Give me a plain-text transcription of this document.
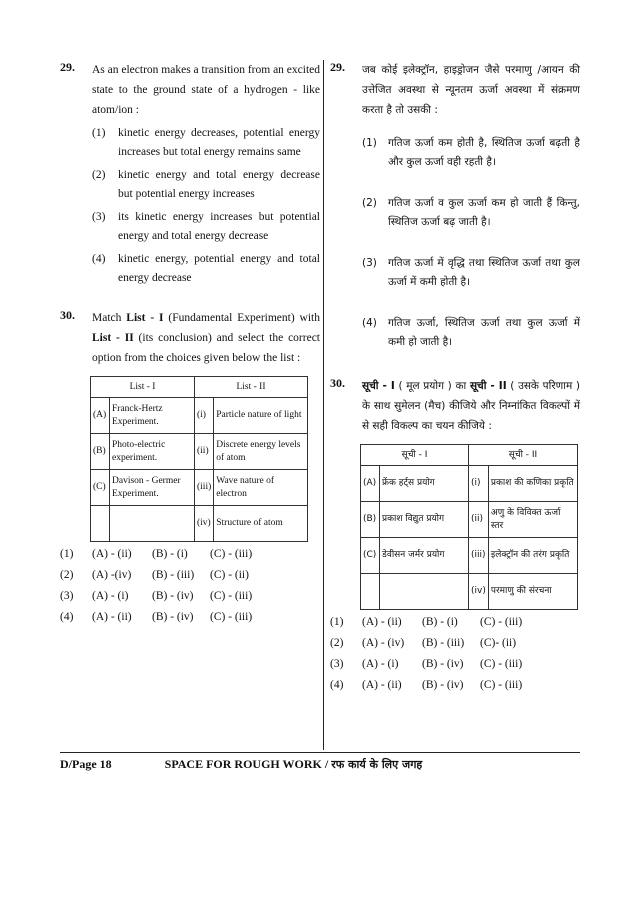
29. As an electron makes a transition from an excited state to the ground state of a hydrogen - like atom/ion :
(1) kinetic energy decreases, potential energy increases but total energy remains same
(2) kinetic energy and total energy decrease but potential energy increases
(3) its kinetic energy increases but potential energy and total energy decrease
(4) kinetic energy, potential energy and total energy decrease
30. Match List - I (Fundamental Experiment) with List - II (its conclusion) and select the correct option from the choices given below the list :
List - I		List - II	
(A)	Franck-Hertz Experiment.	(i)	Particle nature of light
(B)	Photo-electric experiment.	(ii)	Discrete energy levels of atom
(C)	Davison - Germer Experiment.	(iii)	Wave nature of electron
		(iv)	Structure of atom
(1)	(A) - (ii)	(B) - (i)	(C) - (iii)
(2)	(A) -(iv)	(B) - (iii)	(C) - (ii)
(3)	(A) - (i)	(B) - (iv)	(C) - (iii)
(4)	(A) - (ii)	(B) - (iv)	(C) - (iii)
29. जब कोई इलेक्ट्रॉन, हाइड्रोजन जैसे परमाणु /आयन की उत्तेजित अवस्था से न्यूनतम ऊर्जा अवस्था में संक्रमण करता है तो उसकी :
(1) गतिज ऊर्जा कम होती है, स्थितिज ऊर्जा बढ़ती है और कुल ऊर्जा वही रहती है।
(2) गतिज ऊर्जा व कुल ऊर्जा कम हो जाती हैं किन्तु, स्थितिज ऊर्जा बढ़ जाती है।
(3) गतिज ऊर्जा में वृद्धि तथा स्थितिज ऊर्जा तथा कुल ऊर्जा में कमी होती है।
(4) गतिज ऊर्जा, स्थितिज ऊर्जा तथा कुल ऊर्जा में कमी हो जाती है।
30. सूची - I ( मूल प्रयोग ) का सूची - II ( उसके परिणाम ) के साथ सुमेलन (मैच) कीजिये और निम्नांकित विकल्पों में से सही विकल्प का चयन कीजिये :
सूची - I		सूची - II	
(A)	फ्रेंक हर्ट्स प्रयोग	(i)	प्रकाश की कणिका प्रकृति
(B)	प्रकाश विद्युत प्रयोग	(ii)	अणु के विविक्त ऊर्जा स्तर
(C)	डेवीसन जर्मर प्रयोग	(iii)	इलेक्ट्रॉन की तरंग प्रकृति
		(iv)	परमाणु की संरचना
(1)	(A) - (ii)	(B) - (i)	(C) - (iii)
(2)	(A) - (iv)	(B) - (iii)	(C)- (ii)
(3)	(A) - (i)	(B) - (iv)	(C) - (iii)
(4)	(A) - (ii)	(B) - (iv)	(C) - (iii)
D/Page 18	SPACE FOR ROUGH WORK / रफ कार्य के लिए जगह
